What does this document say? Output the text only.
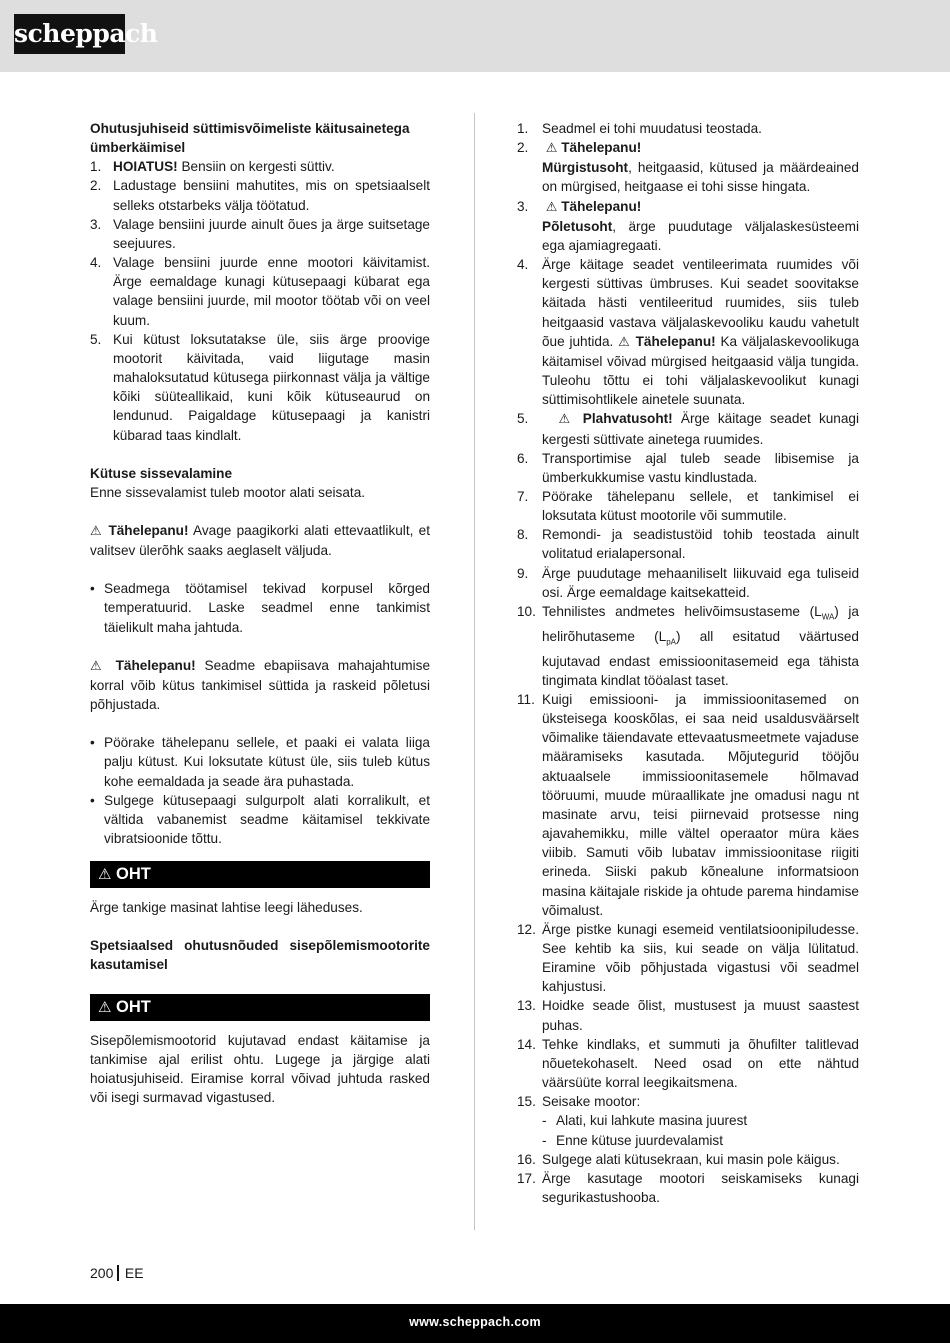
scheppach

Ohutusjuhiseid süttimisvõimeliste käitusainetega ümberkäimisel

1. HOIATUS! Bensiin on kergesti süttiv.
2. Ladustage bensiini mahutites, mis on spetsiaalselt selleks otstarbeks välja töötatud.
3. Valage bensiini juurde ainult õues ja ärge suitsetage seejuures.
4. Valage bensiini juurde enne mootori käivitamist. Ärge eemaldage kunagi kütusepaagi kübarat ega valage bensiini juurde, mil mootor töötab või on veel kuum.
5. Kui kütust loksutatakse üle, siis ärge proovige mootorit käivitada, vaid liigutage masin mahaloksutatud kütusega piirkonnast välja ja vältige kõiki süüteallikaid, kuni kõik kütuseaurud on lendunud. Paigaldage kütusepaagi ja kanistri kübarad taas kindlalt.

Kütuse sissevalamine

Enne sissevalamist tuleb mootor alati seisata.

⚠ Tähelepanu! Avage paagikorki alati ettevaatlikult, et valitsev ülerõhk saaks aeglaselt väljuda.

• Seadmega töötamisel tekivad korpusel kõrged temperatuurid. Laske seadmel enne tankimist täielikult maha jahtuda.

⚠ Tähelepanu! Seadme ebapiisava mahajahtumise korral võib kütus tankimisel süttida ja raskeid põletusi põhjustada.

• Pöörake tähelepanu sellele, et paaki ei valata liiga palju kütust. Kui loksutate kütust üle, siis tuleb kütus kohe eemaldada ja seade ära puhastada.
• Sulgege kütusepaagi sulgurpolt alati korralikult, et vältida vabanemist seadme käitamisel tekkivate vibratsioonide tõttu.
⚠ OHT

Ärge tankige masinat lahtise leegi läheduses.

Spetsiaalsed ohutusnõuded sisepõlemismootorite kasutamisel

⚠ OHT

Sisepõlemismootorid kujutavad endast käitamise ja tankimise ajal erilist ohtu. Lugege ja järgige alati hoiatusjuhiseid. Eiramise korral võivad juhtuda rasked või isegi surmavad vigastused.

1. Seadmel ei tohi muudatusi teostada.
2. ⚠ Tähelepanu!
Mürgistusoht, heitgaasid, kütused ja määrdeained on mürgised, heitgaase ei tohi sisse hingata.
3. ⚠ Tähelepanu!
Põletusoht, ärge puudutage väljalaskesüsteemi ega ajamiagregaati.
4. Ärge käitage seadet ventileerimata ruumides või kergesti süttivas ümbruses. Kui seadet soovitakse käitada hästi ventileeritud ruumides, siis tuleb heitgaasid vastava väljalaskevooliku kaudu vahetult õue juhtida. ⚠ Tähelepanu! Ka väljalaskevoolikuga käitamisel võivad mürgised heitgaasid välja tungida. Tuleohu tõttu ei tohi väljalaskevoolikut kunagi süttimisohtlikele ainetele suunata.
5. ⚠ Plahvatusoht! Ärge käitage seadet kunagi kergesti süttivate ainetega ruumides.
6. Transportimise ajal tuleb seade libisemise ja ümberkukkumise vastu kindlustada.
7. Pöörake tähelepanu sellele, et tankimisel ei loksutata kütust mootorile või summutile.
8. Remondi- ja seadistustöid tohib teostada ainult volitatud erialapersonal.
9. Ärge puudutage mehaaniliselt liikuvaid ega tuliseid osi. Ärge eemaldage kaitsekatteid.
10. Tehnilistes andmetes helivõimsustaseme $(L_{WA})$ ja helirõhutaseme $(L_{pA})$ all esitatud väärtused kujutavad endast emissioonitasemeid ega tähista tingimata kindlat tööalast taset.
11. Kuigi emissiooni- ja immissioonitasemed on üksteisega kooskõlas, ei saa neid usaldusväärselt võimalike täiendavate ettevaatusmeetmete vajaduse määramiseks kasutada. Mõjutegurid tööjõu aktuaalsele immissioonitasemele hõlmavad tööruumi, muude müraallikate jne omadusi nagu nt masinate arvu, teisi piirnevaid protsesse ning ajavahemikku, mille vältel operaator müra käes viibib. Samuti võib lubatav immissioonitase riigiti erineda. Siiski pakub kõnealune informatsioon masina käitajale riskide ja ohtude parema hindamise võimalust.
12. Ärge pistke kunagi esemeid ventilatsioonipiludesse. See kehtib ka siis, kui seade on välja lülitatud. Eiramine võib põhjustada vigastusi või seadmel kahjustusi.
13. Hoidke seade õlist, mustusest ja muust saastest puhas.
14. Tehke kindlaks, et summuti ja õhufilter talitlevad nõuetekohaselt. Need osad on ette nähtud väärsüüte korral leegikaitsmena.
15. Seisake mootor:
- Alati, kui lahkute masina juurest
- Enne kütuse juurdevalamist
16. Sulgege alati kütusekraan, kui masin pole käigus.
17. Ärge kasutage mootori seiskamiseks kunagi segurikastushooba.
200 EE
www.scheppach.com
